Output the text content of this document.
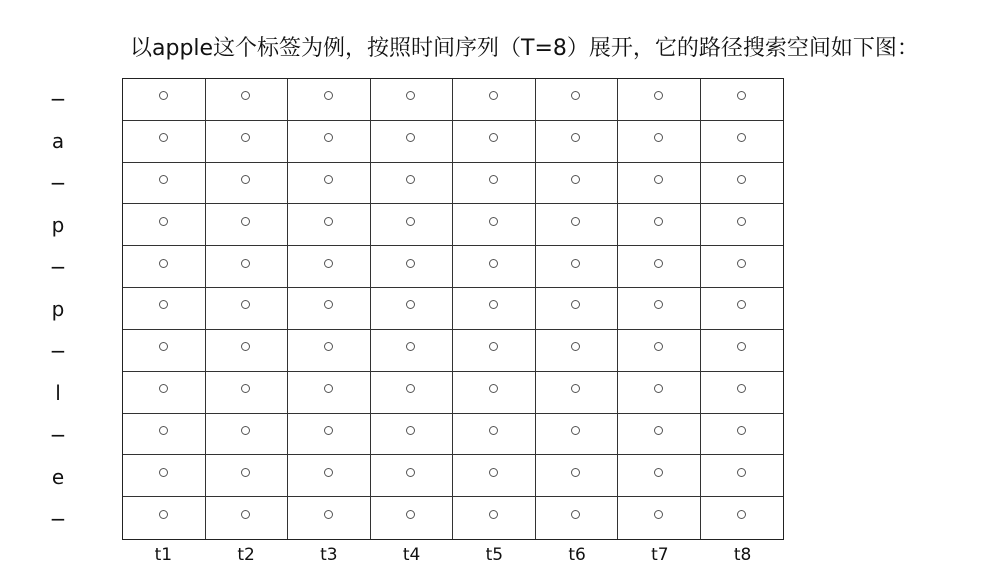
以apple这个标签为例，按照时间序列（T=8）展开，它的路径搜索空间如下图：
−
a
−
p
−
p
−
l
−
e
−
t1	t2	t3	t4	t5	t6	t7	t8
